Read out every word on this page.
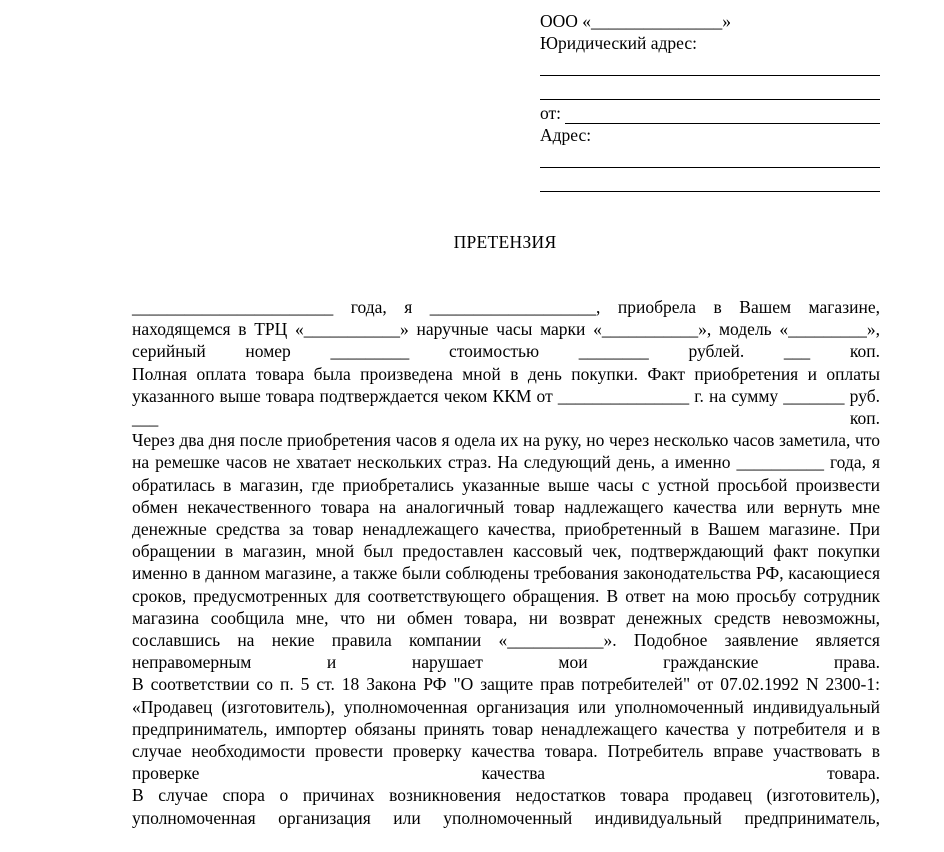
ООО «_______________»
Юридический адрес:
от:
Адрес:
ПРЕТЕНЗИЯ

_______________________ года, я ___________________, приобрела в Вашем магазине, находящемся в ТРЦ «___________» наручные часы марки «___________», модель «_________», серийный номер _________ стоимостью ________ рублей. ___ коп.

Полная оплата товара была произведена мной в день покупки. Факт приобретения и оплаты указанного выше товара подтверждается чеком ККМ от _______________ г. на сумму _______ руб. ___ коп.

Через два дня после приобретения часов я одела их на руку, но через несколько часов заметила, что на ремешке часов не хватает нескольких страз. На следующий день, а именно __________ года, я обратилась в магазин, где приобретались указанные выше часы с устной просьбой произвести обмен некачественного товара на аналогичный товар надлежащего качества или вернуть мне денежные средства за товар ненадлежащего качества, приобретенный в Вашем магазине. При обращении в магазин, мной был предоставлен кассовый чек, подтверждающий факт покупки именно в данном магазине, а также были соблюдены требования законодательства РФ, касающиеся сроков, предусмотренных для соответствующего обращения. В ответ на мою просьбу сотрудник магазина сообщила мне, что ни обмен товара, ни возврат денежных средств невозможны, сославшись на некие правила компании «___________». Подобное заявление является неправомерным и нарушает мои гражданские права.

В соответствии со п. 5 ст. 18 Закона РФ "О защите прав потребителей" от 07.02.1992 N 2300-1: «Продавец (изготовитель), уполномоченная организация или уполномоченный индивидуальный предприниматель, импортер обязаны принять товар ненадлежащего качества у потребителя и в случае необходимости провести проверку качества товара. Потребитель вправе участвовать в проверке качества товара.

В случае спора о причинах возникновения недостатков товара продавец (изготовитель), уполномоченная организация или уполномоченный индивидуальный предприниматель,
